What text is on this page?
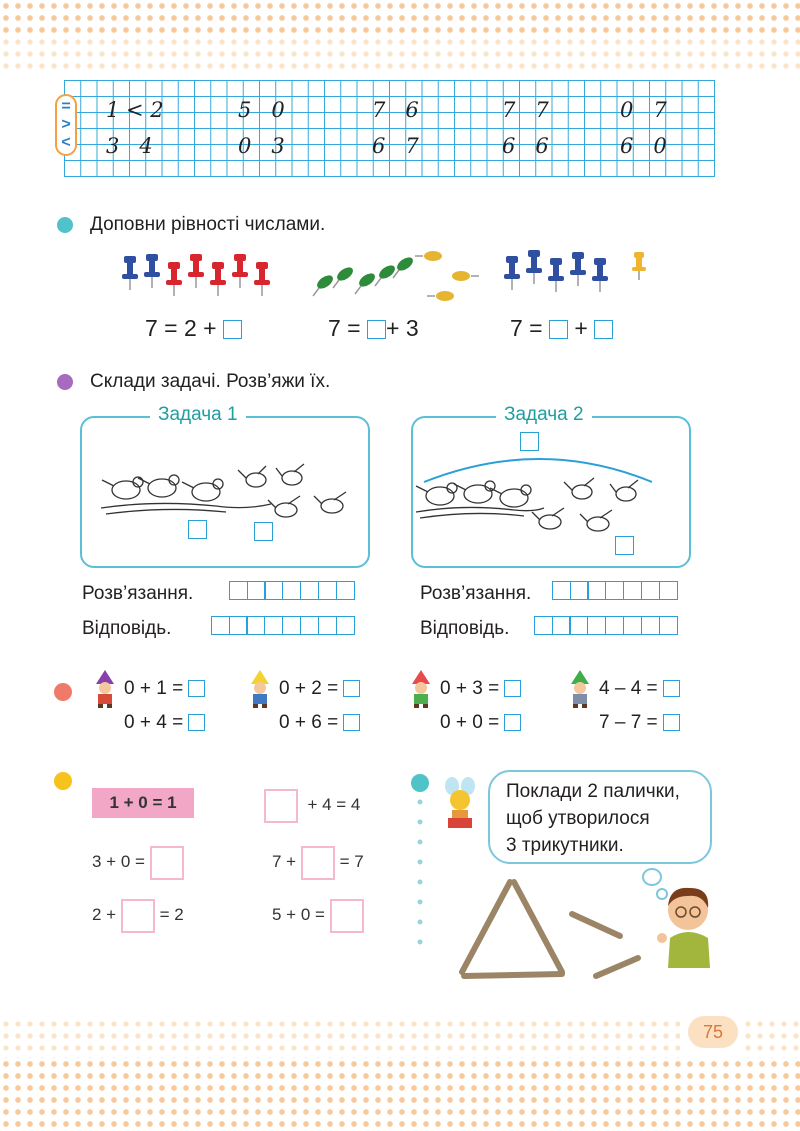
=
>
<
1 < 2	5   0	7   6	7   7	0   7
3   4	0   3	6   7	6   6	6   0
Доповни рівності числами.
7 = 2 +	7 = + 3	7 = +
Склади задачі. Розв’яжи їх.
Задача 1	Задача 2
Розв’язання.
Відповідь.
Розв’язання.
Відповідь.
0 + 1 =
0 + 4 =
0 + 2 =
0 + 6 =
0 + 3 =
0 + 0 =
4 – 4 =
7 – 7 =
1 + 0 = 1
3 + 0 =
2 +	= 2
+ 4 = 4
7 +	= 7
5 + 0 =
Поклади 2 палички,
щоб утворилося
3 трикутники.
75
